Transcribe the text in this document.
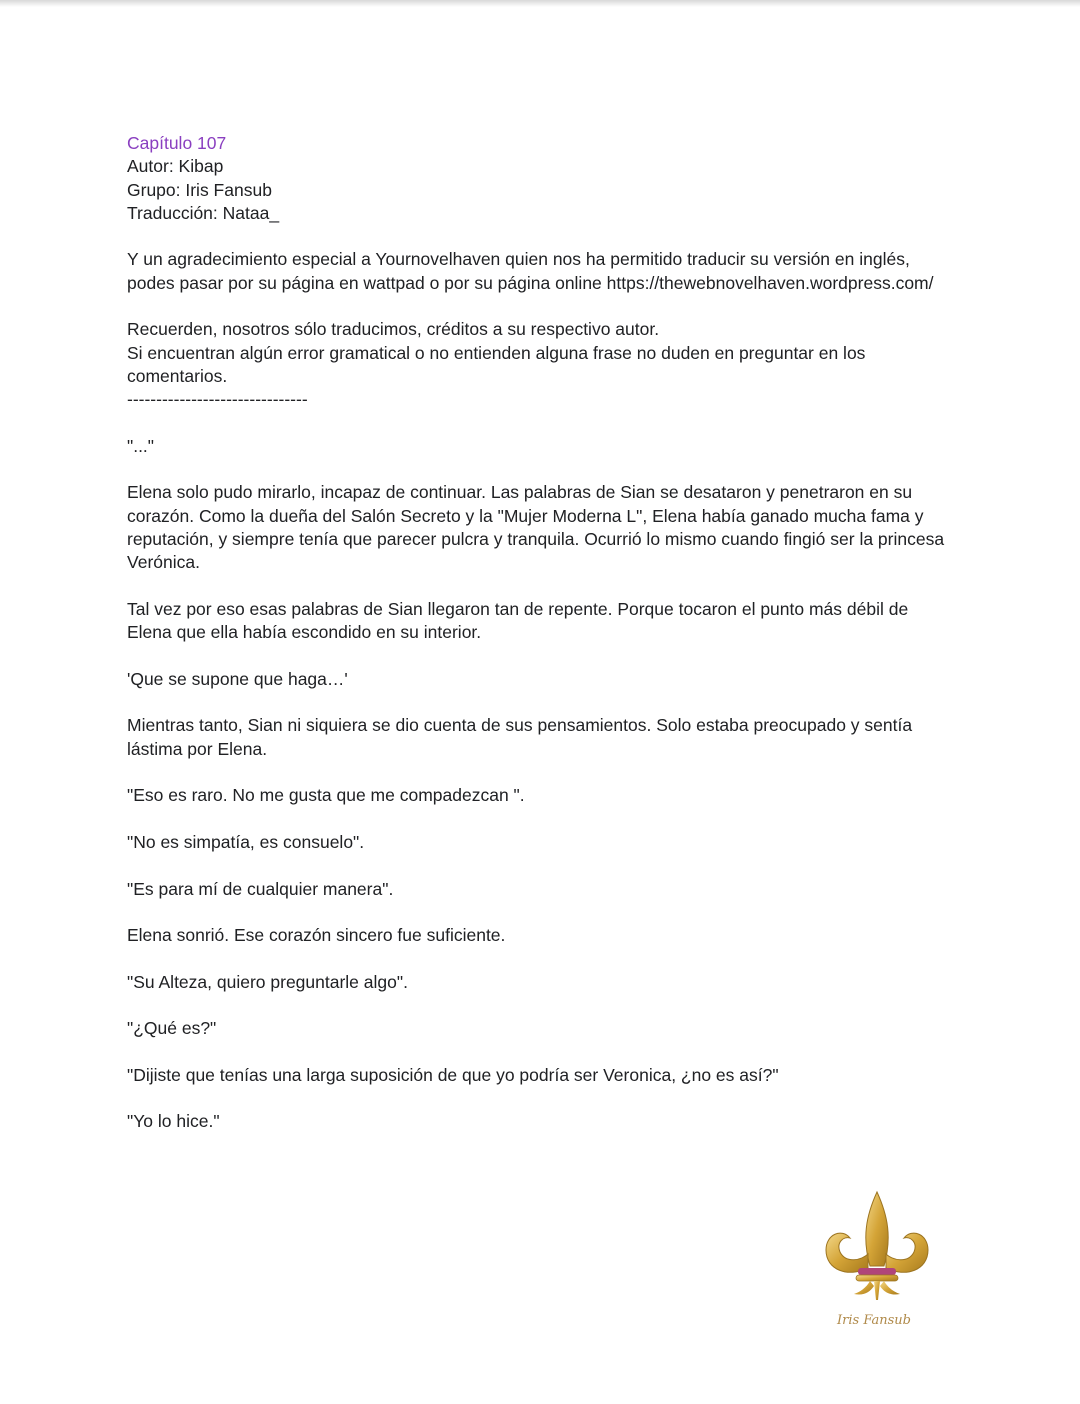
Capítulo 107
Autor: Kibap
Grupo: Iris Fansub
Traducción: Nataa_
Y un agradecimiento especial a Yournovelhaven quien nos ha permitido traducir su versión en inglés,
podes pasar por su página en wattpad o por su página online https://thewebnovelhaven.wordpress.com/
Recuerden, nosotros sólo traducimos, créditos a su respectivo autor.
Si encuentran algún error gramatical o no entienden alguna frase no duden en preguntar en los
comentarios.
-------------------------------
"..."
Elena solo pudo mirarlo, incapaz de continuar. Las palabras de Sian se desataron y penetraron en su
corazón. Como la dueña del Salón Secreto y la "Mujer Moderna L", Elena había ganado mucha fama y
reputación, y siempre tenía que parecer pulcra y tranquila. Ocurrió lo mismo cuando fingió ser la princesa
Verónica.
Tal vez por eso esas palabras de Sian llegaron tan de repente. Porque tocaron el punto más débil de
Elena que ella había escondido en su interior.
'Que se supone que haga…'
Mientras tanto, Sian ni siquiera se dio cuenta de sus pensamientos. Solo estaba preocupado y sentía
lástima por Elena.
"Eso es raro. No me gusta que me compadezcan ".
"No es simpatía, es consuelo".
"Es para mí de cualquier manera".
Elena sonrió. Ese corazón sincero fue suficiente.
"Su Alteza, quiero preguntarle algo".
"¿Qué es?"
"Dijiste que tenías una larga suposición de que yo podría ser Veronica, ¿no es así?"
"Yo lo hice."
Iris Fansub
